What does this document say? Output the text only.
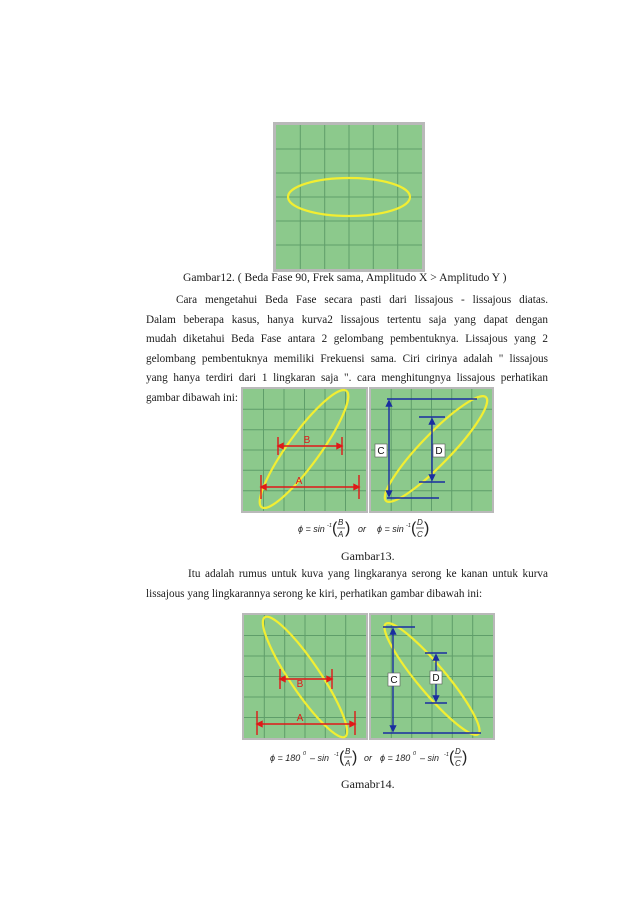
Gambar12. ( Beda Fase 90, Frek sama, Amplitudo X > Amplitudo Y )
Cara mengetahui Beda Fase secara pasti dari lissajous - lissajous diatas.
Dalam beberapa kasus, hanya kurva2 lissajous tertentu saja yang dapat dengan
mudah diketahui Beda Fase antara 2 gelombang pembentuknya. Lissajous yang 2
gelombang pembentuknya memiliki Frekuensi sama. Ciri cirinya adalah " lissajous
yang hanya terdiri dari 1 lingkaran saja ". cara menghitungnya lissajous perhatikan
gambar dibawah ini:
B
A
C	D
ϕ = sin -1 ( B
A ) or ϕ = sin -1 ( D
C )
Gambar13.
Itu adalah rumus untuk kuva yang lingkaranya serong ke kanan untuk kurva
lissajous yang lingkarannya serong ke kiri, perhatikan gambar dibawah ini:
B
A
C	D
ϕ = 180 0 – sin -1 ( B
A ) or ϕ = 180 0 – sin -1 ( D
C )
Gamabr14.
